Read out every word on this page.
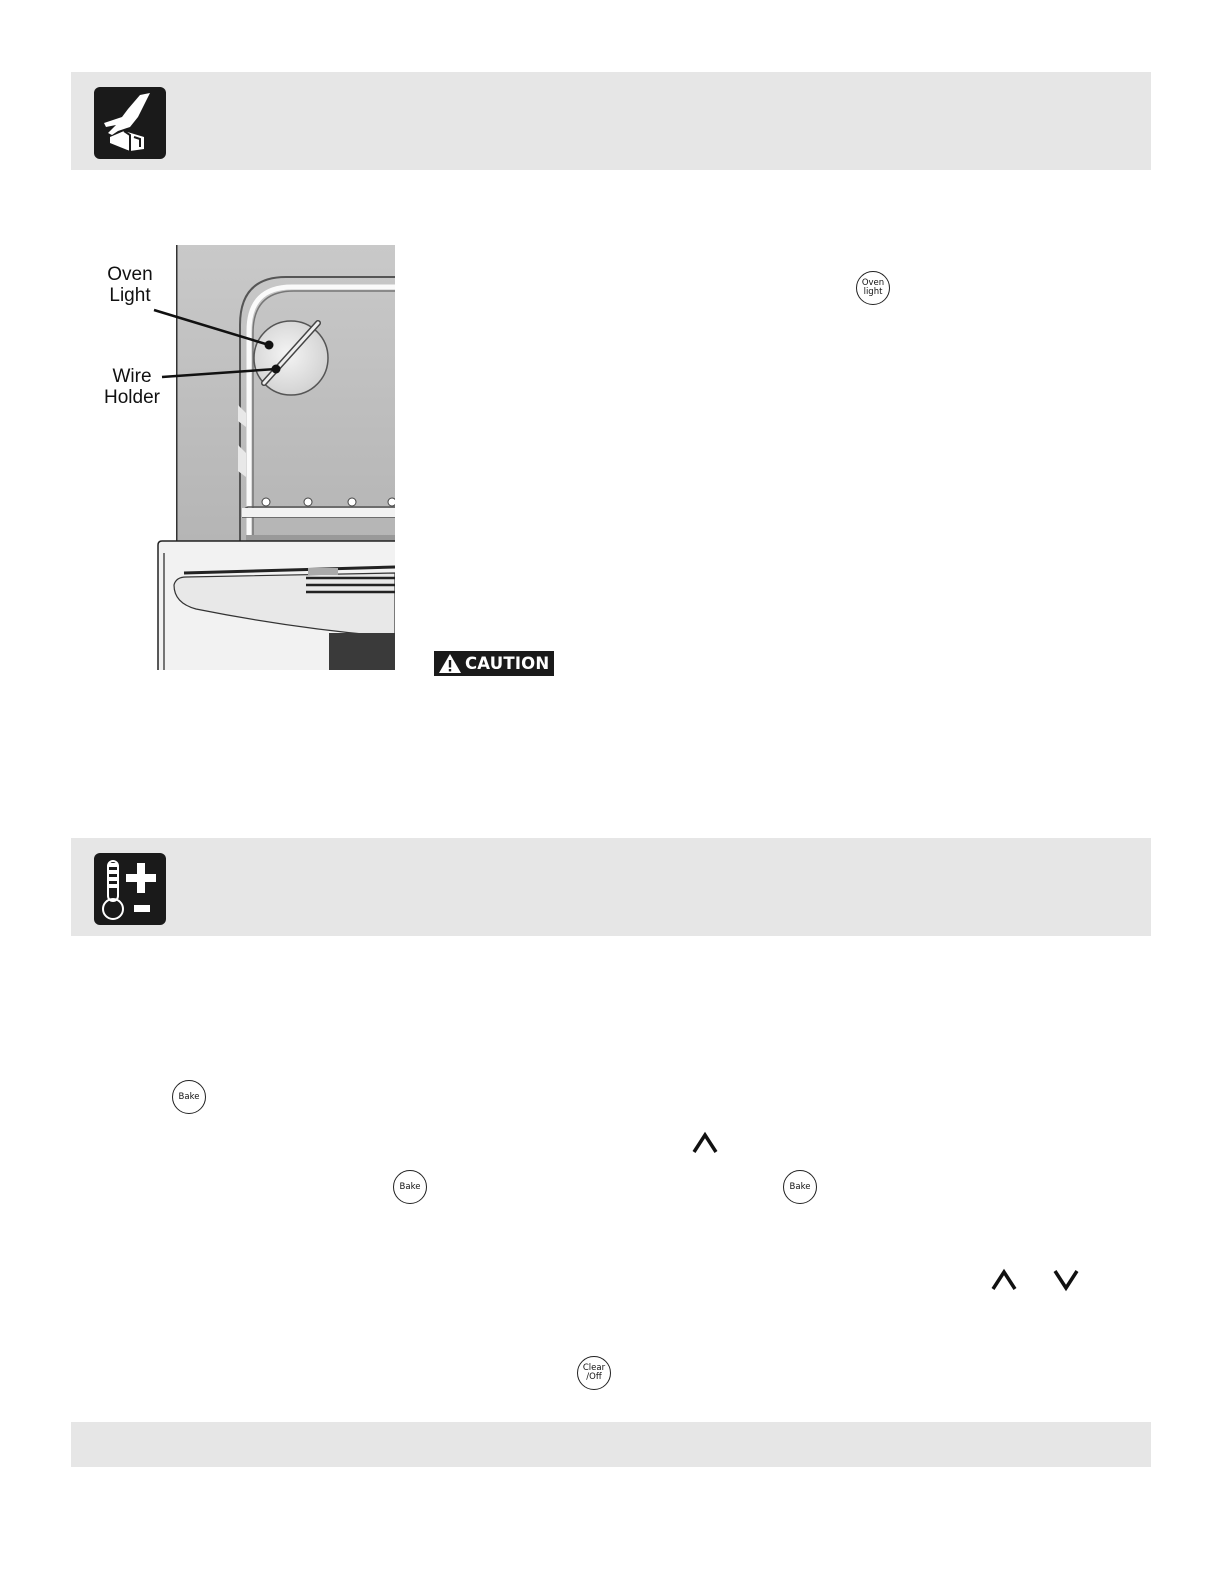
Oven
Light
Wire
Holder
Oven
light
CAUTION
Bake
Bake	Bake
Clear
/Off
